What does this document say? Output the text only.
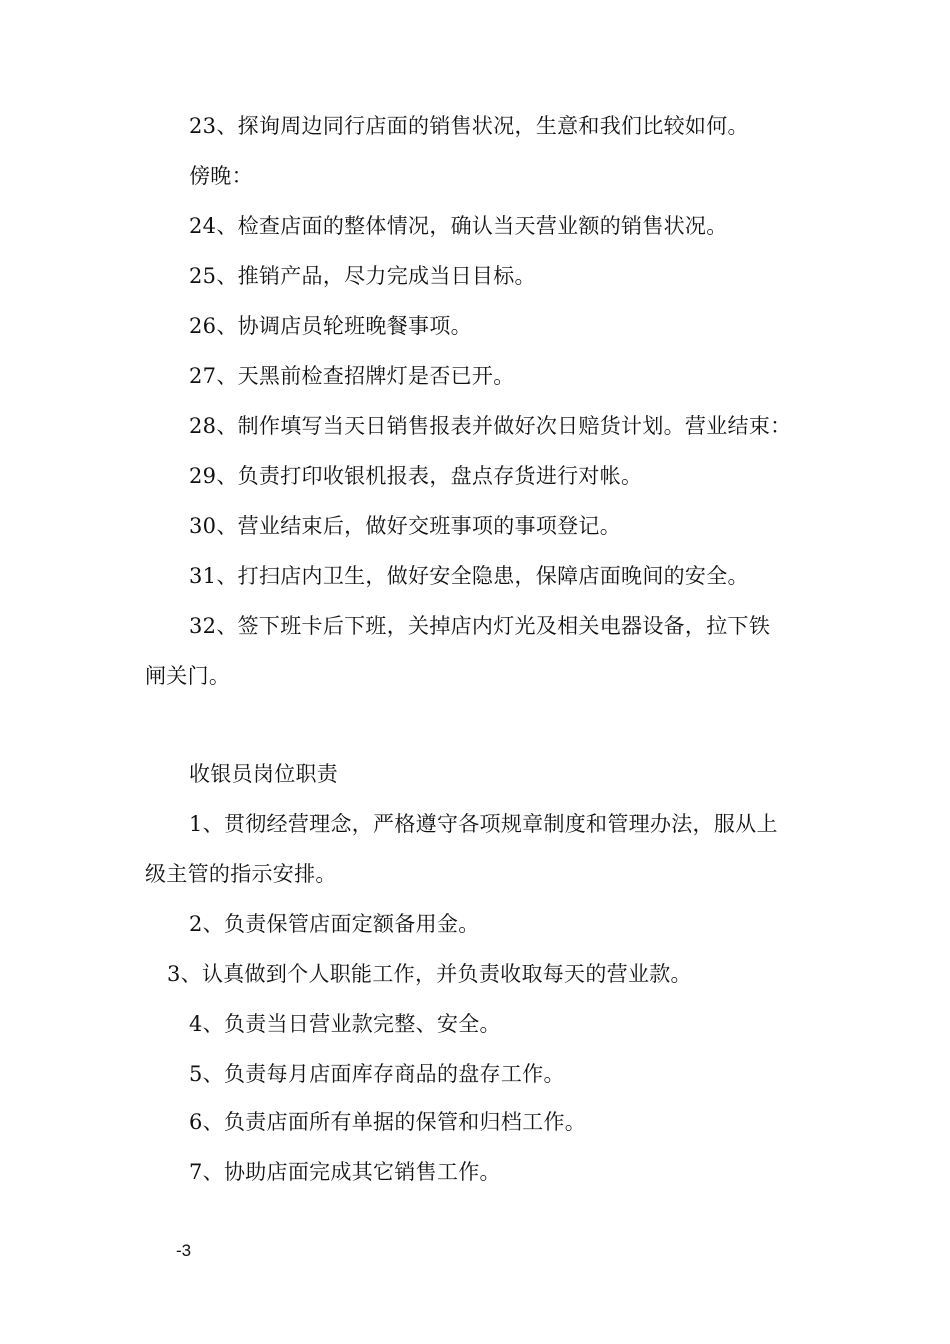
23、探询周边同行店面的销售状况，生意和我们比较如何。
傍晚：
24、检查店面的整体情况，确认当天营业额的销售状况。
25、推销产品，尽力完成当日目标。
26、协调店员轮班晚餐事项。
27、天黑前检查招牌灯是否已开。
28、制作填写当天日销售报表并做好次日赔货计划。营业结束：
29、负责打印收银机报表，盘点存货进行对帐。
30、营业结束后，做好交班事项的事项登记。
31、打扫店内卫生，做好安全隐患，保障店面晚间的安全。
32、签下班卡后下班，关掉店内灯光及相关电器设备，拉下铁
闸关门。
收银员岗位职责
1、贯彻经营理念，严格遵守各项规章制度和管理办法，服从上
级主管的指示安排。
2、负责保管店面定额备用金。
3、认真做到个人职能工作，并负责收取每天的营业款。
4、负责当日营业款完整、安全。
5、负责每月店面库存商品的盘存工作。
6、负责店面所有单据的保管和归档工作。
7、协助店面完成其它销售工作。
-3
